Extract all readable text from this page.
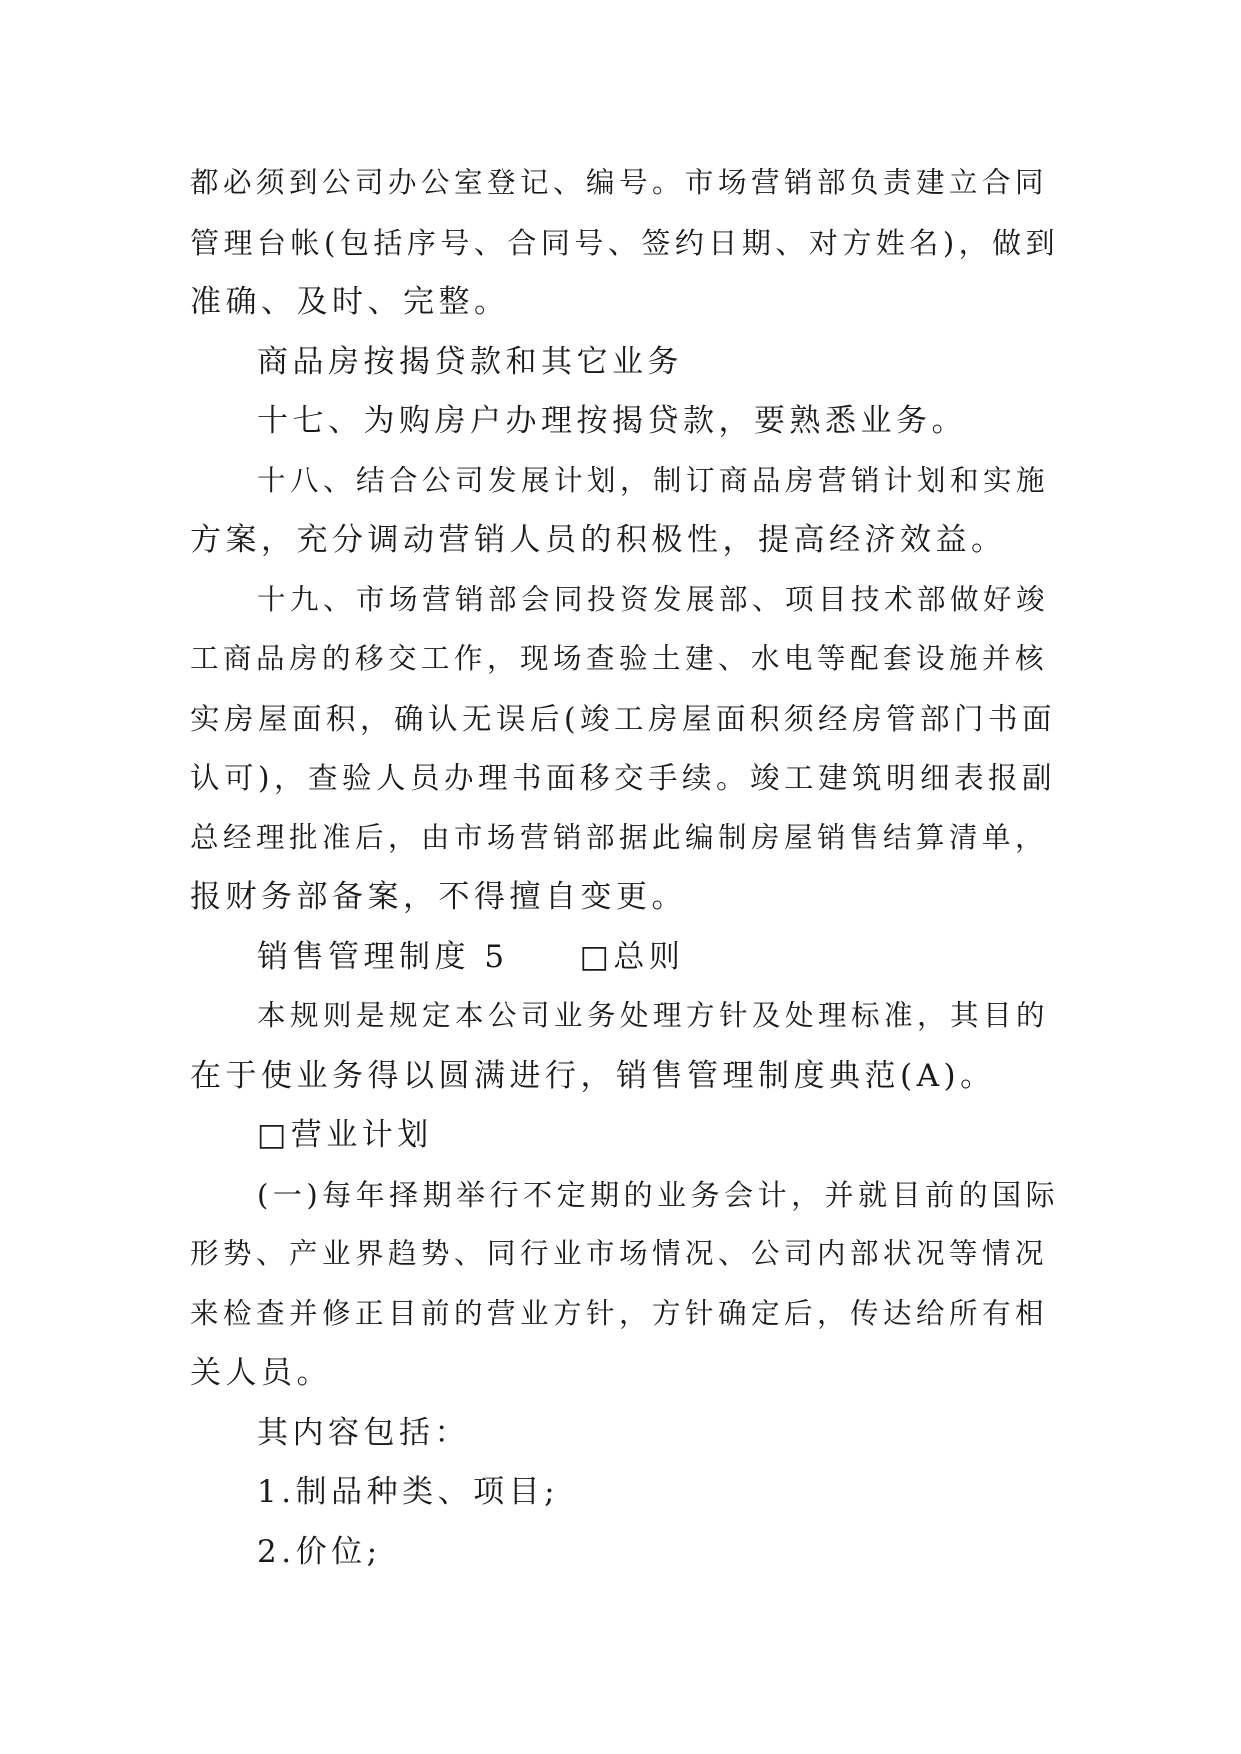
都必须到公司办公室登记、编号。市场营销部负责建立合同
管理台帐(包括序号、合同号、签约日期、对方姓名)，做到
准确、及时、完整。
商品房按揭贷款和其它业务
十七、为购房户办理按揭贷款，要熟悉业务。
十八、结合公司发展计划，制订商品房营销计划和实施
方案，充分调动营销人员的积极性，提高经济效益。
十九、市场营销部会同投资发展部、项目技术部做好竣
工商品房的移交工作，现场查验土建、水电等配套设施并核
实房屋面积，确认无误后(竣工房屋面积须经房管部门书面
认可)，查验人员办理书面移交手续。竣工建筑明细表报副
总经理批准后，由市场营销部据此编制房屋销售结算清单，
报财务部备案，不得擅自变更。
销售管理制度 5　　□总则
本规则是规定本公司业务处理方针及处理标准，其目的
在于使业务得以圆满进行，销售管理制度典范(A)。
□营业计划
(一)每年择期举行不定期的业务会计，并就目前的国际
形势、产业界趋势、同行业市场情况、公司内部状况等情况
来检查并修正目前的营业方针，方针确定后，传达给所有相
关人员。
其内容包括：
1.制品种类、项目;
2.价位;
